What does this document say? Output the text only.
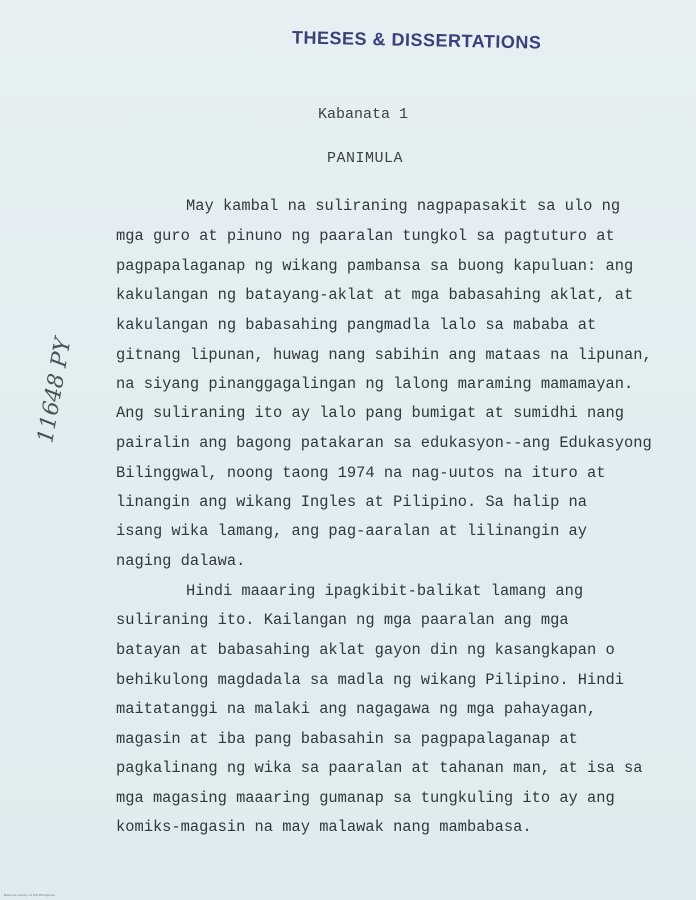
THESES & DISSERTATIONS
Kabanata 1
PANIMULA
11648 PY
May kambal na suliraning nagpapasakit sa ulo ng
mga guro at pinuno ng paaralan tungkol sa pagtuturo at
pagpapalaganap ng wikang pambansa sa buong kapuluan: ang
kakulangan ng batayang-aklat at mga babasahing aklat, at
kakulangan ng babasahing pangmadla lalo sa mababa at
gitnang lipunan, huwag nang sabihin ang mataas na lipunan,
na siyang pinanggagalingan ng lalong maraming mamamayan.
Ang suliraning ito ay lalo pang bumigat at sumidhi nang
pairalin ang bagong patakaran sa edukasyon--ang Edukasyong
Bilinggwal, noong taong 1974 na nag-uutos na ituro at
linangin ang wikang Ingles at Pilipino. Sa halip na
isang wika lamang, ang pag-aaralan at lilinangin ay
naging dalawa.
Hindi maaaring ipagkibit-balikat lamang ang
suliraning ito. Kailangan ng mga paaralan ang mga
batayan at babasahing aklat gayon din ng kasangkapan o
behikulong magdadala sa madla ng wikang Pilipino. Hindi
maitatanggi na malaki ang nagagawa ng mga pahayagan,
magasin at iba pang babasahin sa pagpapalaganap at
pagkalinang ng wika sa paaralan at tahanan man, at isa sa
mga magasing maaaring gumanap sa tungkuling ito ay ang
komiks-magasin na may malawak nang mambabasa.
National Library of the Philippines
